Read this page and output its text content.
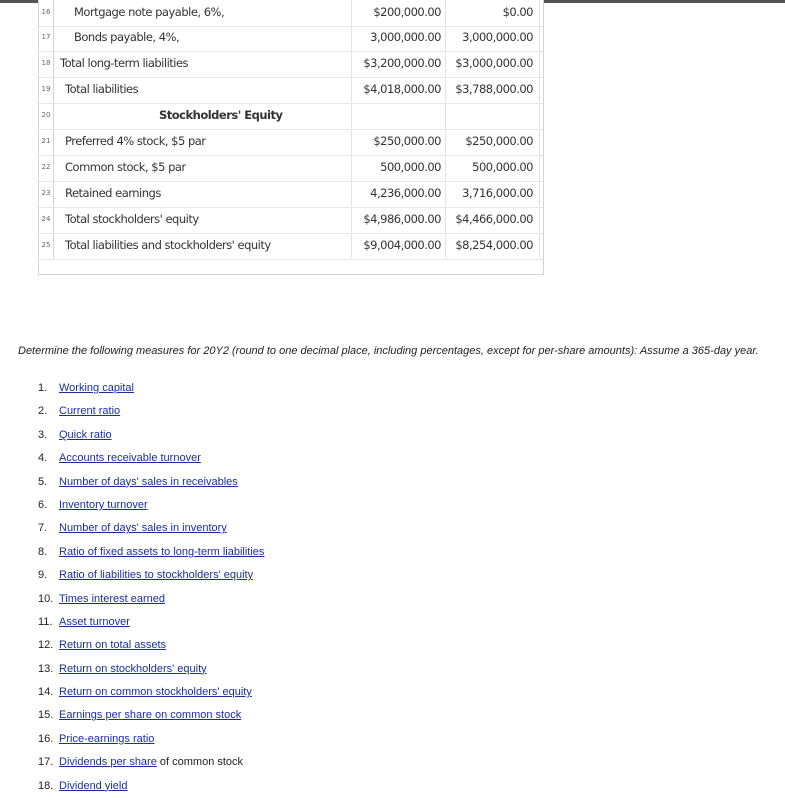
16	Mortgage note payable, 6%,	$200,000.00	$0.00
17	Bonds payable, 4%,	3,000,000.00	3,000,000.00
18 Total long-term liabilities	$3,200,000.00	$3,000,000.00
19	Total liabilities	$4,018,000.00	$3,788,000.00
20	Stockholders' Equity
21	Preferred 4% stock, $5 par	$250,000.00	$250,000.00
22	Common stock, $5 par	500,000.00	500,000.00
23	Retained earnings	4,236,000.00	3,716,000.00
24	Total stockholders' equity	$4,986,000.00	$4,466,000.00
25	Total liabilities and stockholders' equity	$9,004,000.00	$8,254,000.00
Determine the following measures for 20Y2 (round to one decimal place, including percentages, except for per-share amounts): Assume a 365-day year.
1. Working capital
2. Current ratio
3. Quick ratio
4. Accounts receivable turnover
5. Number of days' sales in receivables
6. Inventory turnover
7. Number of days' sales in inventory
8. Ratio of fixed assets to long-term liabilities
9. Ratio of liabilities to stockholders' equity
10. Times interest earned
11. Asset turnover
12. Return on total assets
13. Return on stockholders' equity
14. Return on common stockholders' equity
15. Earnings per share on common stock
16. Price-earnings ratio
17. Dividends per share of common stock
18. Dividend yield
